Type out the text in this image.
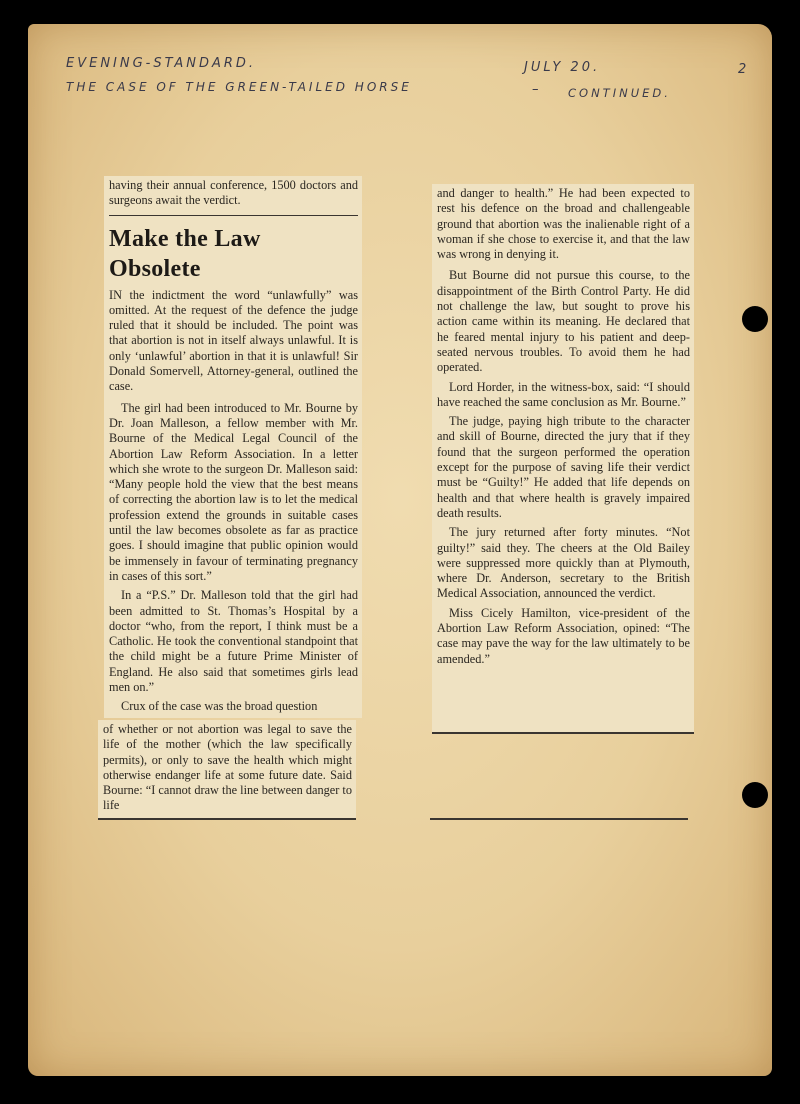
EVENING-STANDARD.	JULY 20.	2
THE CASE OF THE GREEN-TAILED HORSE	– CONTINUED.

having their annual conference, 1500 doctors and surgeons await the verdict.

Make the Law Obsolete

IN the indictment the word “unlawfully” was omitted. At the request of the defence the judge ruled that it should be included. The point was that abortion is not in itself always unlawful. It is only ‘unlawful’ abortion in that it is unlawful! Sir Donald Somervell, Attorney-general, outlined the case.

The girl had been introduced to Mr. Bourne by Dr. Joan Malleson, a fellow member with Mr. Bourne of the Medical Legal Council of the Abortion Law Reform Association. In a letter which she wrote to the surgeon Dr. Malleson said: “Many people hold the view that the best means of correcting the abortion law is to let the medical profession extend the grounds in suitable cases until the law becomes obsolete as far as practice goes. I should imagine that public opinion would be immensely in favour of terminating pregnancy in cases of this sort.”

In a “P.S.” Dr. Malleson told that the girl had been admitted to St. Thomas’s Hospital by a doctor “who, from the report, I think must be a Catholic. He took the conventional standpoint that the child might be a future Prime Minister of England. He also said that sometimes girls lead men on.”

Crux of the case was the broad question

of whether or not abortion was legal to save the life of the mother (which the law specifically permits), or only to save the health which might otherwise endanger life at some future date. Said Bourne: “I cannot draw the line between danger to life

and danger to health.” He had been expected to rest his defence on the broad and challengeable ground that abortion was the inalienable right of a woman if she chose to exercise it, and that the law was wrong in denying it.

But Bourne did not pursue this course, to the disappointment of the Birth Control Party. He did not challenge the law, but sought to prove his action came within its meaning. He declared that he feared mental injury to his patient and deep-seated nervous troubles. To avoid them he had operated.

Lord Horder, in the witness-box, said: “I should have reached the same conclusion as Mr. Bourne.”

The judge, paying high tribute to the character and skill of Bourne, directed the jury that if they found that the surgeon performed the operation except for the purpose of saving life their verdict must be “Guilty!” He added that life depends on health and that where health is gravely impaired death results.

The jury returned after forty minutes. “Not guilty!” said they. The cheers at the Old Bailey were suppressed more quickly than at Plymouth, where Dr. Anderson, secretary to the British Medical Association, announced the verdict.

Miss Cicely Hamilton, vice-president of the Abortion Law Reform Association, opined: “The case may pave the way for the law ultimately to be amended.”
